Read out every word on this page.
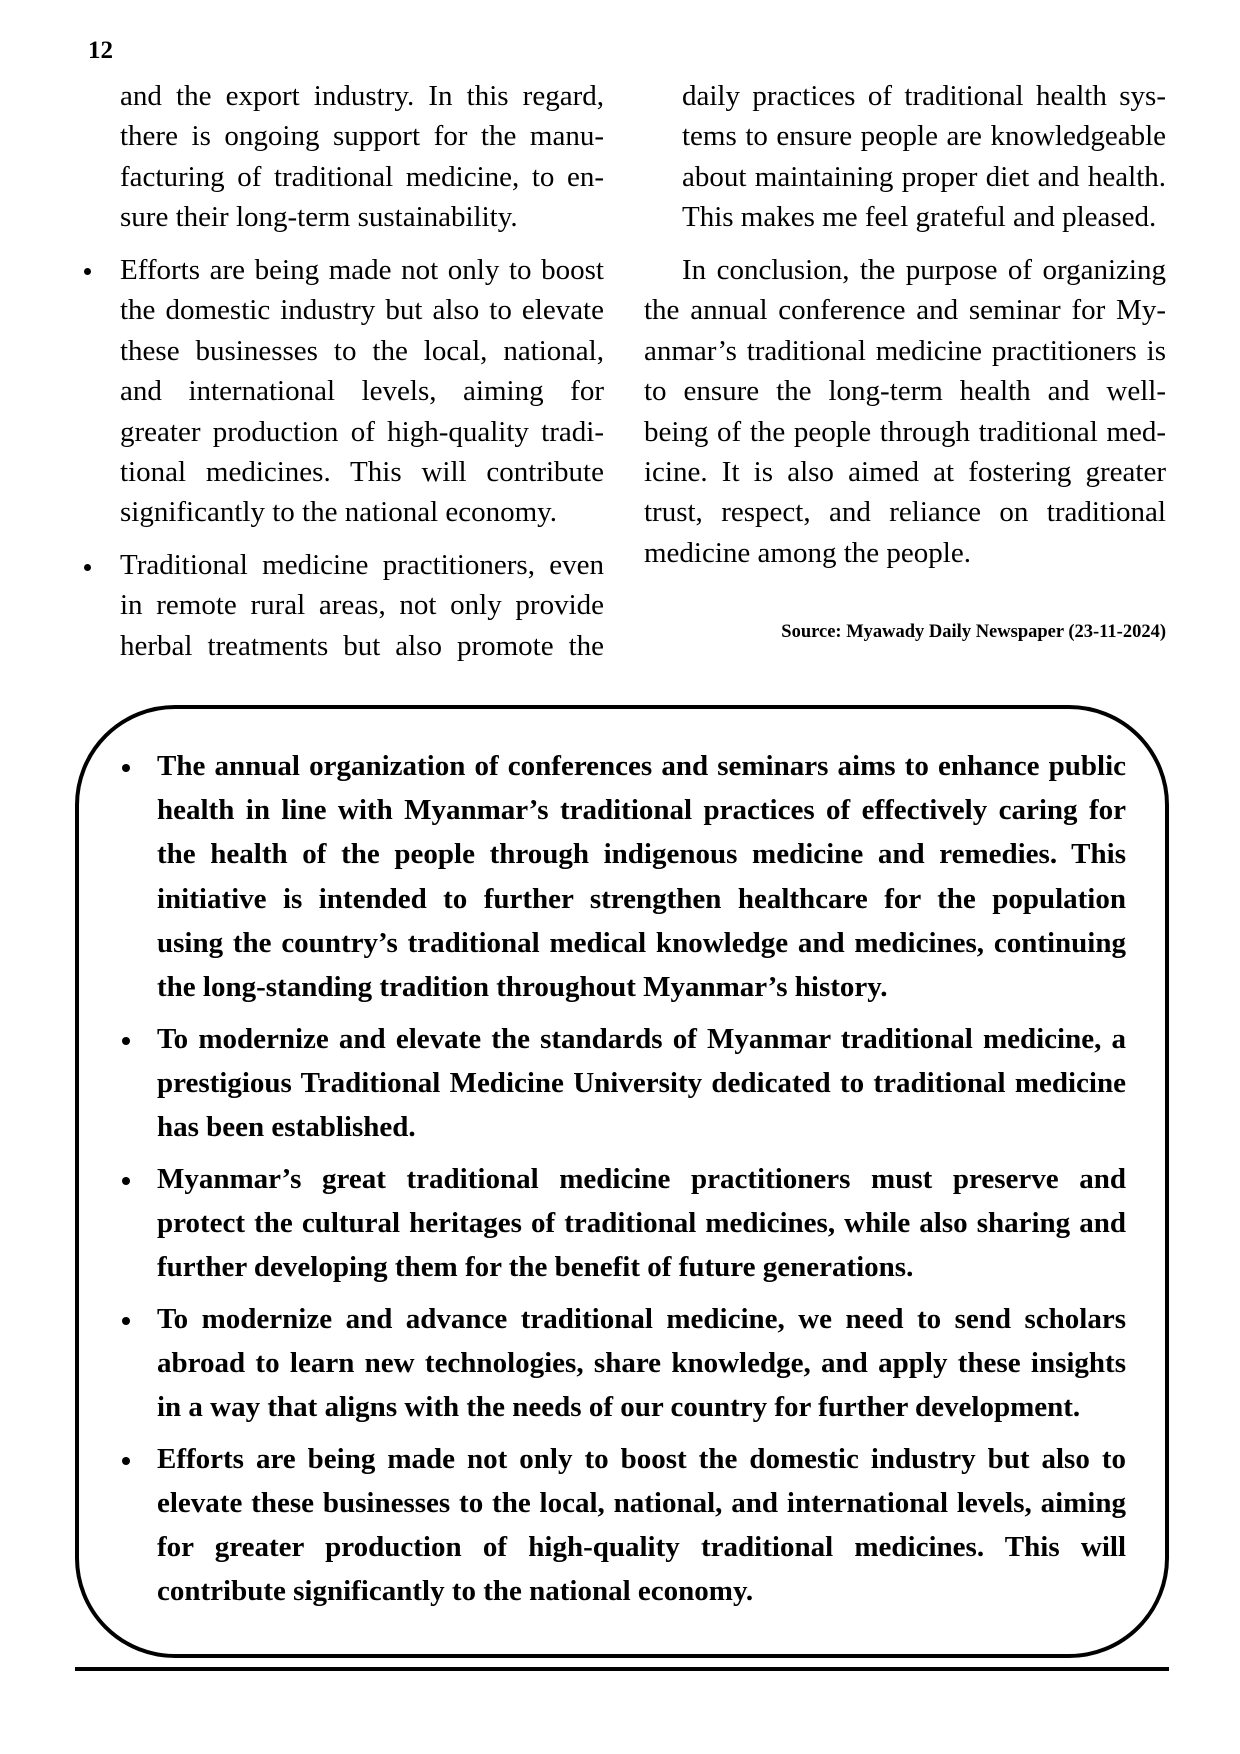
12
and the export industry. In this regard,
there is ongoing support for the manu-
facturing of traditional medicine, to en-
sure their long-term sustainability.
Efforts are being made not only to boost
the domestic industry but also to elevate
these businesses to the local, national,
and international levels, aiming for
greater production of high-quality tradi-
tional medicines. This will contribute
significantly to the national economy.
Traditional medicine practitioners, even
in remote rural areas, not only provide
herbal treatments but also promote the
daily practices of traditional health sys-
tems to ensure people are knowledgeable
about maintaining proper diet and health.
This makes me feel grateful and pleased.
In conclusion, the purpose of organizing
the annual conference and seminar for My-
anmar’s traditional medicine practitioners is
to ensure the long-term health and well-
being of the people through traditional med-
icine. It is also aimed at fostering greater
trust, respect, and reliance on traditional
medicine among the people.
Source: Myawady Daily Newspaper (23-11-2024)
The annual organization of conferences and seminars aims to enhance public
health in line with Myanmar’s traditional practices of effectively caring for
the health of the people through indigenous medicine and remedies. This
initiative is intended to further strengthen healthcare for the population
using the country’s traditional medical knowledge and medicines, continuing
the long-standing tradition throughout Myanmar’s history.
To modernize and elevate the standards of Myanmar traditional medicine, a
prestigious Traditional Medicine University dedicated to traditional medicine
has been established.
Myanmar’s great traditional medicine practitioners must preserve and
protect the cultural heritages of traditional medicines, while also sharing and
further developing them for the benefit of future generations.
To modernize and advance traditional medicine, we need to send scholars
abroad to learn new technologies, share knowledge, and apply these insights
in a way that aligns with the needs of our country for further development.
Efforts are being made not only to boost the domestic industry but also to
elevate these businesses to the local, national, and international levels, aiming
for greater production of high-quality traditional medicines. This will
contribute significantly to the national economy.
